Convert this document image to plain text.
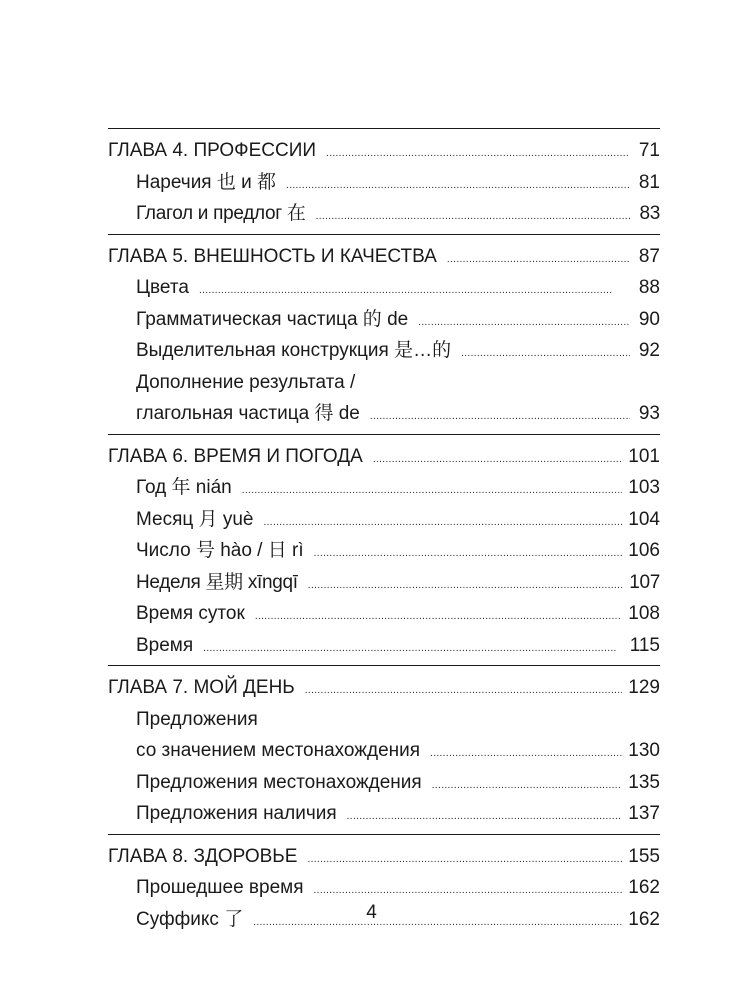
ГЛАВА 4. ПРОФЕССИИ . . .	71
Наречия 也 и 都 . . .	81
Глагол и предлог 在 . . .	83
ГЛАВА 5. ВНЕШНОСТЬ И КАЧЕСТВА . . .	87
Цвета . . .	88
Грамматическая частица 的 de . . .	90
Выделительная конструкция 是…的 . . .	92
Дополнение результата /
глагольная частица 得 de . . .	93
ГЛАВА 6. ВРЕМЯ И ПОГОДА . . .	101
Год 年 nián . . .	103
Месяц 月 yuè . . .	104
Число 号 hào / 日 rì . . .	106
Неделя 星期 xīngqī . . .	107
Время суток . . .	108
Время . . .	115
ГЛАВА 7. МОЙ ДЕНЬ . . .	129
Предложения
со значением местонахождения . . .	130
Предложения местонахождения . . .	135
Предложения наличия . . .	137
ГЛАВА 8. ЗДОРОВЬЕ . . .	155
Прошедшее время . . .	162
Суффикс 了 . . .	162
4
